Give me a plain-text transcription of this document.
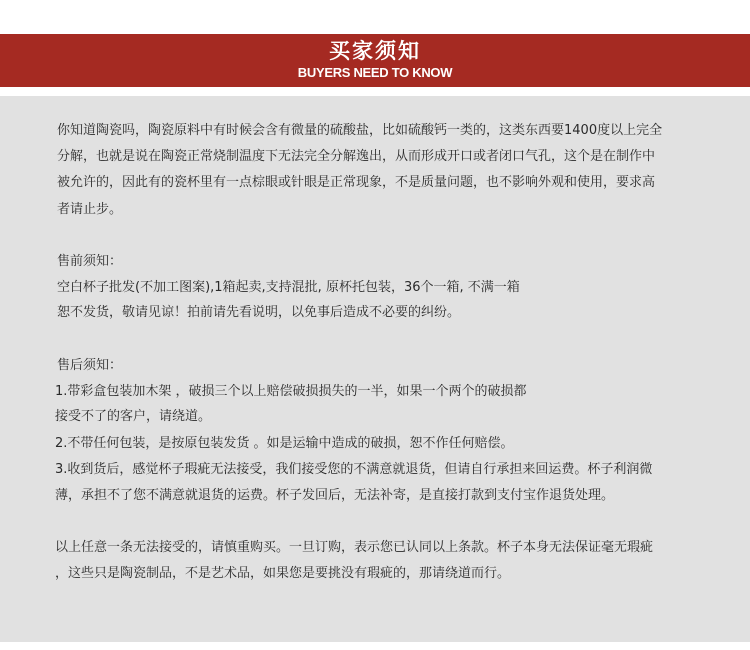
买家须知
BUYERS NEED TO KNOW
你知道陶瓷吗，陶瓷原料中有时候会含有微量的硫酸盐，比如硫酸钙一类的，这类东西要1400度以上完全
分解，也就是说在陶瓷正常烧制温度下无法完全分解逸出，从而形成开口或者闭口气孔，这个是在制作中
被允许的，因此有的瓷杯里有一点棕眼或针眼是正常现象，不是质量问题，也不影响外观和使用，要求高
者请止步。
售前须知：
空白杯子批发(不加工图案),1箱起卖,支持混批, 原杯托包装，36个一箱, 不满一箱
恕不发货，敬请见谅！拍前请先看说明，以免事后造成不必要的纠纷。
售后须知：
1.带彩盒包装加木架 ，破损三个以上赔偿破损损失的一半，如果一个两个的破损都
接受不了的客户，请绕道。
2.不带任何包装，是按原包装发货 。如是运输中造成的破损，恕不作任何赔偿。
3.收到货后，感觉杯子瑕疵无法接受，我们接受您的不满意就退货，但请自行承担来回运费。杯子利润微
薄，承担不了您不满意就退货的运费。杯子发回后，无法补寄，是直接打款到支付宝作退货处理。
以上任意一条无法接受的，请慎重购买。一旦订购，表示您已认同以上条款。杯子本身无法保证毫无瑕疵
，这些只是陶瓷制品，不是艺术品，如果您是要挑没有瑕疵的，那请绕道而行。
